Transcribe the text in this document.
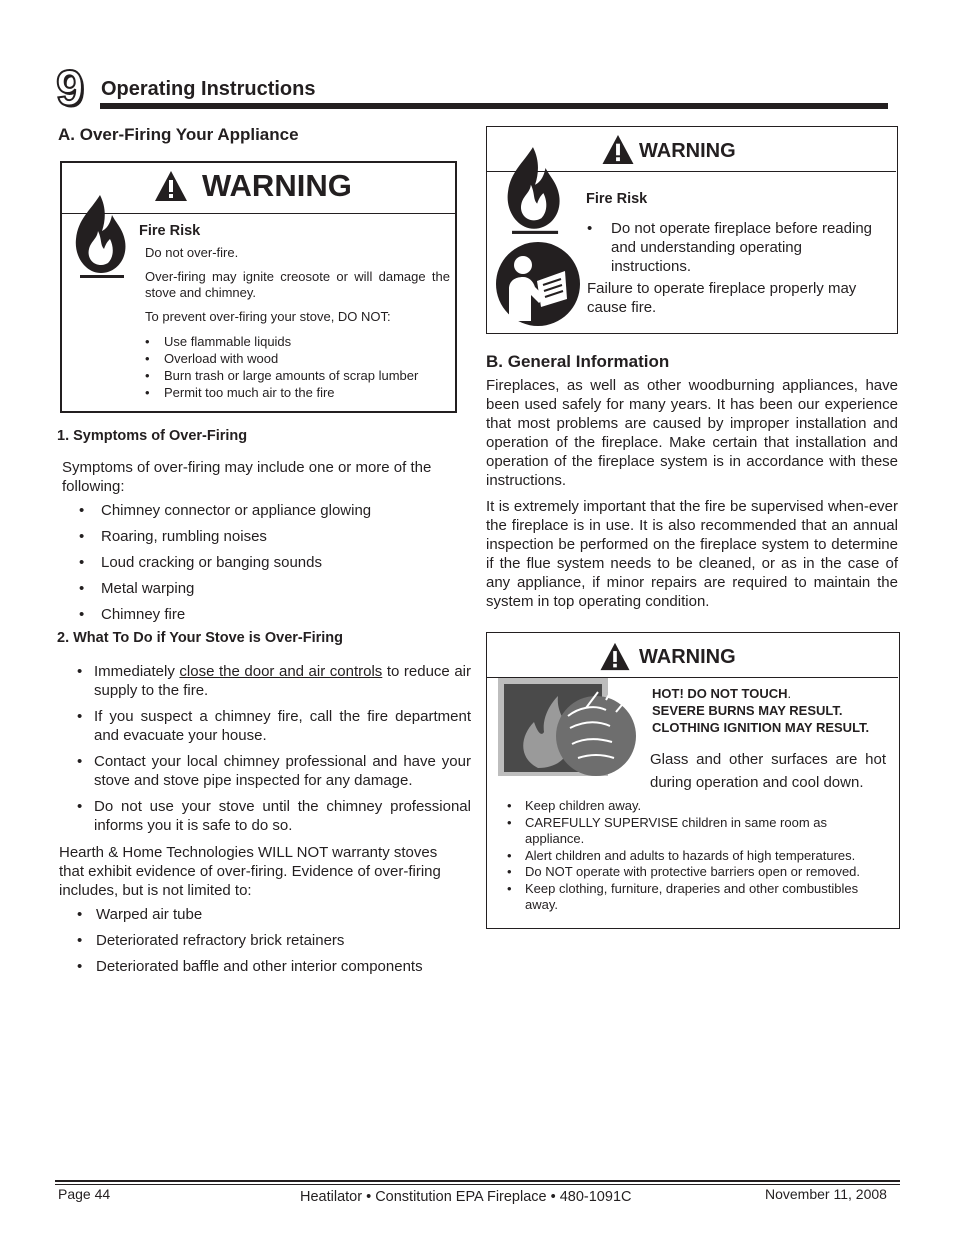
9 Operating Instructions
A. Over-Firing Your Appliance
WARNING
Fire Risk

Do not over-fire.

Over-firing may ignite creosote or will damage the stove and chimney.

To prevent over-firing your stove, DO NOT:

• Use flammable liquids
• Overload with wood
• Burn trash or large amounts of scrap lumber
• Permit too much air to the fire
1. Symptoms of Over-Firing

Symptoms of over-firing may include one or more of the following:

• Chimney connector or appliance glowing
• Roaring, rumbling noises
• Loud cracking or banging sounds
• Metal warping
• Chimney fire
2. What To Do if Your Stove is Over-Firing
• Immediately close the door and air controls to reduce air supply to the fire.
• If you suspect a chimney fire, call the fire department and evacuate your house.
• Contact your local chimney professional and have your stove and stove pipe inspected for any damage.
• Do not use your stove until the chimney professional informs you it is safe to do so.

Hearth & Home Technologies WILL NOT warranty stoves that exhibit evidence of over-firing. Evidence of over-firing includes, but is not limited to:

• Warped air tube
• Deteriorated refractory brick retainers
• Deteriorated baffle and other interior components
WARNING
Fire Risk
• Do not operate fireplace before reading and understanding operating instructions.

Failure to operate fireplace properly may cause fire.

B. General Information

Fireplaces, as well as other woodburning appliances, have been used safely for many years. It has been our experience that most problems are caused by improper installation and operation of the fireplace. Make certain that installation and operation of the fireplace system is in accordance with these instructions.

It is extremely important that the fire be supervised when-ever the fireplace is in use. It is also recommended that an annual inspection be performed on the fireplace system to determine if the flue system needs to be cleaned, or as in the case of any appliance, if minor repairs are required to maintain the system in top operating condition.

WARNING
HOT! DO NOT TOUCH.
SEVERE BURNS MAY RESULT.
CLOTHING IGNITION MAY RESULT.

Glass and other surfaces are hot during operation and cool down.

• Keep children away.
• CAREFULLY SUPERVISE children in same room as appliance.
• Alert children and adults to hazards of high temperatures.
• Do NOT operate with protective barriers open or removed.
• Keep clothing, furniture, draperies and other combustibles away.
Page 44	Heatilator • Constitution EPA Fireplace • 480-1091C	November 11, 2008
